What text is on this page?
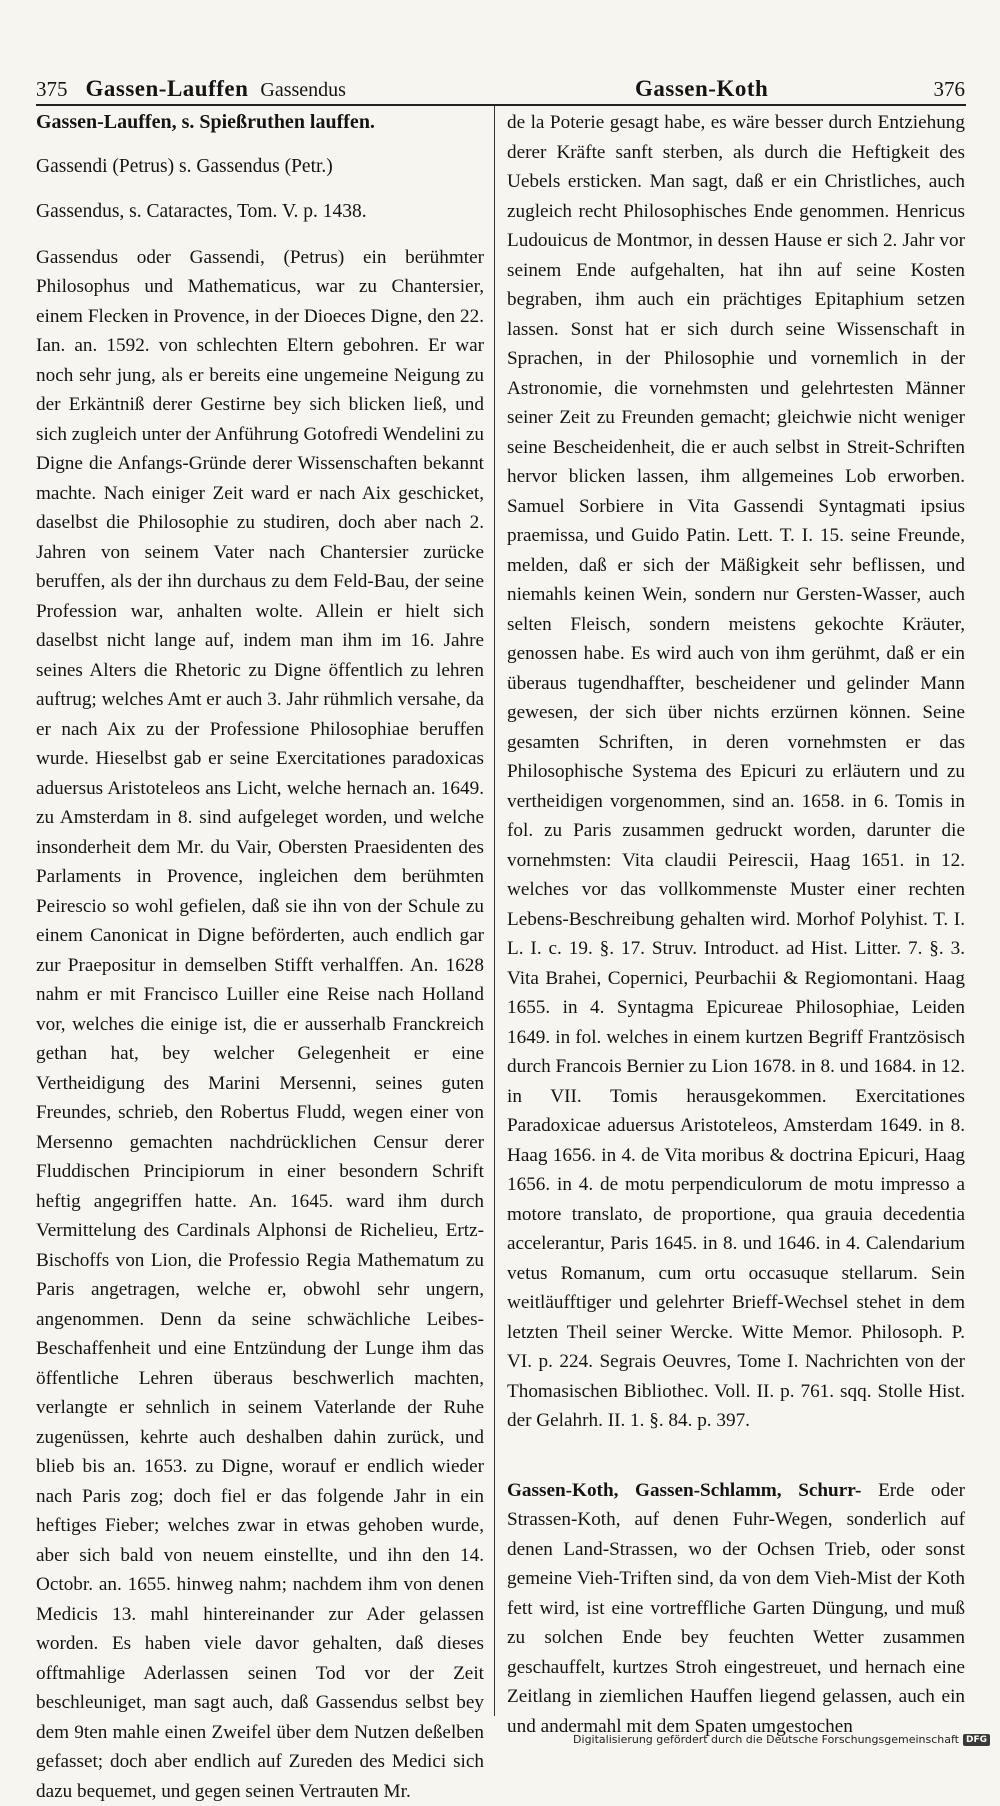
375 Gassen-Lauffen Gassendus	Gassen-Koth	376

Gassen-Lauffen, s. Spießruthen lauffen.

Gassendi (Petrus) s. Gassendus (Petr.)

Gassendus, s. Cataractes, Tom. V. p. 1438.

Gassendus oder Gassendi, (Petrus) ein berühmter Philosophus und Mathematicus, war zu Chantersier, einem Flecken in Provence, in der Dioeces Digne, den 22. Ian. an. 1592. von schlechten Eltern gebohren. Er war noch sehr jung, als er bereits eine ungemeine Neigung zu der Erkäntniß derer Gestirne bey sich blicken ließ, und sich zugleich unter der Anführung Gotofredi Wendelini zu Digne die Anfangs-Gründe derer Wissenschaften bekannt machte. Nach einiger Zeit ward er nach Aix geschicket, daselbst die Philosophie zu studiren, doch aber nach 2. Jahren von seinem Vater nach Chantersier zurücke beruffen, als der ihn durchaus zu dem Feld-Bau, der seine Profession war, anhalten wolte. Allein er hielt sich daselbst nicht lange auf, indem man ihm im 16. Jahre seines Alters die Rhetoric zu Digne öffentlich zu lehren auftrug; welches Amt er auch 3. Jahr rühmlich versahe, da er nach Aix zu der Professione Philosophiae beruffen wurde. Hieselbst gab er seine Exercitationes paradoxicas aduersus Aristoteleos ans Licht, welche hernach an. 1649. zu Amsterdam in 8. sind aufgeleget worden, und welche insonderheit dem Mr. du Vair, Obersten Praesidenten des Parlaments in Provence, ingleichen dem berühmten Peirescio so wohl gefielen, daß sie ihn von der Schule zu einem Canonicat in Digne beförderten, auch endlich gar zur Praepositur in demselben Stifft verhalffen. An. 1628 nahm er mit Francisco Luiller eine Reise nach Holland vor, welches die einige ist, die er ausserhalb Franckreich gethan hat, bey welcher Gelegenheit er eine Vertheidigung des Marini Mersenni, seines guten Freundes, schrieb, den Robertus Fludd, wegen einer von Mersenno gemachten nachdrücklichen Censur derer Fluddischen Principiorum in einer besondern Schrift heftig angegriffen hatte. An. 1645. ward ihm durch Vermittelung des Cardinals Alphonsi de Richelieu, Ertz-Bischoffs von Lion, die Professio Regia Mathematum zu Paris angetragen, welche er, obwohl sehr ungern, angenommen. Denn da seine schwächliche Leibes-Beschaffenheit und eine Entzündung der Lunge ihm das öffentliche Lehren überaus beschwerlich machten, verlangte er sehnlich in seinem Vaterlande der Ruhe zugenüssen, kehrte auch deshalben dahin zurück, und blieb bis an. 1653. zu Digne, worauf er endlich wieder nach Paris zog; doch fiel er das folgende Jahr in ein heftiges Fieber; welches zwar in etwas gehoben wurde, aber sich bald von neuem einstellte, und ihn den 14. Octobr. an. 1655. hinweg nahm; nachdem ihm von denen Medicis 13. mahl hintereinander zur Ader gelassen worden. Es haben viele davor gehalten, daß dieses offtmahlige Aderlassen seinen Tod vor der Zeit beschleuniget, man sagt auch, daß Gassendus selbst bey dem 9ten mahle einen Zweifel über dem Nutzen deßelben gefasset; doch aber endlich auf Zureden des Medici sich dazu bequemet, und gegen seinen Vertrauten Mr.

de la Poterie gesagt habe, es wäre besser durch Entziehung derer Kräfte sanft sterben, als durch die Heftigkeit des Uebels ersticken. Man sagt, daß er ein Christliches, auch zugleich recht Philosophisches Ende genommen. Henricus Ludouicus de Montmor, in dessen Hause er sich 2. Jahr vor seinem Ende aufgehalten, hat ihn auf seine Kosten begraben, ihm auch ein prächtiges Epitaphium setzen lassen. Sonst hat er sich durch seine Wissenschaft in Sprachen, in der Philosophie und vornemlich in der Astronomie, die vornehmsten und gelehrtesten Männer seiner Zeit zu Freunden gemacht; gleichwie nicht weniger seine Bescheidenheit, die er auch selbst in Streit-Schriften hervor blicken lassen, ihm allgemeines Lob erworben. Samuel Sorbiere in Vita Gassendi Syntagmati ipsius praemissa, und Guido Patin. Lett. T. I. 15. seine Freunde, melden, daß er sich der Mäßigkeit sehr beflissen, und niemahls keinen Wein, sondern nur Gersten-Wasser, auch selten Fleisch, sondern meistens gekochte Kräuter, genossen habe. Es wird auch von ihm gerühmt, daß er ein überaus tugendhaffter, bescheidener und gelinder Mann gewesen, der sich über nichts erzürnen können. Seine gesamten Schriften, in deren vornehmsten er das Philosophische Systema des Epicuri zu erläutern und zu vertheidigen vorgenommen, sind an. 1658. in 6. Tomis in fol. zu Paris zusammen gedruckt worden, darunter die vornehmsten: Vita claudii Peirescii, Haag 1651. in 12. welches vor das vollkommenste Muster einer rechten Lebens-Beschreibung gehalten wird. Morhof Polyhist. T. I. L. I. c. 19. §. 17. Struv. Introduct. ad Hist. Litter. 7. §. 3. Vita Brahei, Copernici, Peurbachii & Regiomontani. Haag 1655. in 4. Syntagma Epicureae Philosophiae, Leiden 1649. in fol. welches in einem kurtzen Begriff Frantzösisch durch Francois Bernier zu Lion 1678. in 8. und 1684. in 12. in VII. Tomis herausgekommen. Exercitationes Paradoxicae aduersus Aristoteleos, Amsterdam 1649. in 8. Haag 1656. in 4. de Vita moribus & doctrina Epicuri, Haag 1656. in 4. de motu perpendiculorum de motu impresso a motore translato, de proportione, qua grauia decedentia accelerantur, Paris 1645. in 8. und 1646. in 4. Calendarium vetus Romanum, cum ortu occasuque stellarum. Sein weitläufftiger und gelehrter Brieff-Wechsel stehet in dem letzten Theil seiner Wercke. Witte Memor. Philosoph. P. VI. p. 224. Segrais Oeuvres, Tome I. Nachrichten von der Thomasischen Bibliothec. Voll. II. p. 761. sqq. Stolle Hist. der Gelahrh. II. 1. §. 84. p. 397.

Gassen-Koth, Gassen-Schlamm, Schurr- Erde oder Strassen-Koth, auf denen Fuhr-Wegen, sonderlich auf denen Land-Strassen, wo der Ochsen Trieb, oder sonst gemeine Vieh-Triften sind, da von dem Vieh-Mist der Koth fett wird, ist eine vortreffliche Garten Düngung, und muß zu solchen Ende bey feuchten Wetter zusammen geschauffelt, kurtzes Stroh eingestreuet, und hernach eine Zeitlang in ziemlichen Hauffen liegend gelassen, auch ein und andermahl mit dem Spaten umgestochen

Digitalisierung gefördert durch die Deutsche Forschungsgemeinschaft DFG
